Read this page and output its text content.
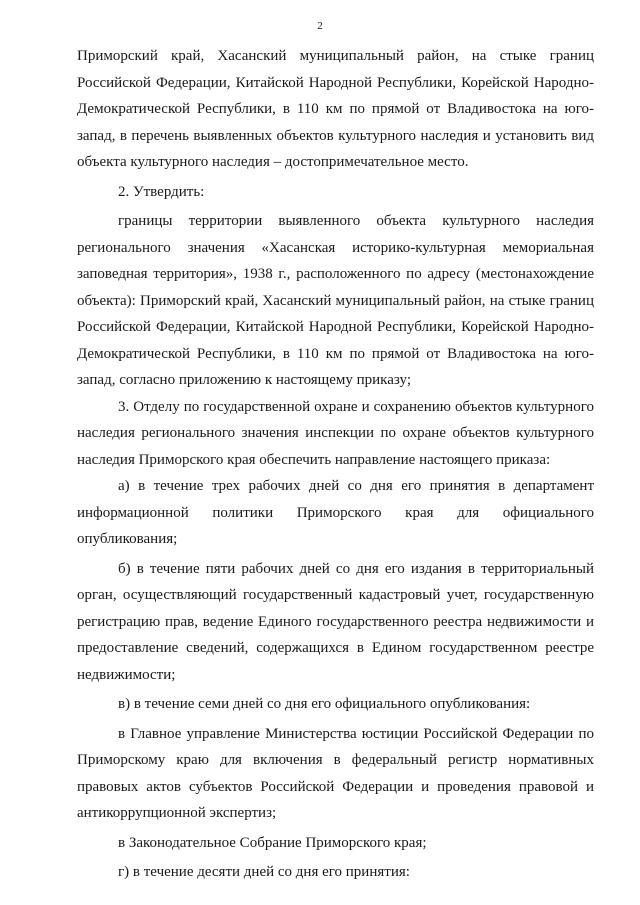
2

Приморский край, Хасанский муниципальный район, на стыке границ Российской Федерации, Китайской Народной Республики, Корейской Народно-Демократической Республики, в 110 км по прямой от Владивостока на юго-запад, в перечень выявленных объектов культурного наследия и установить вид объекта культурного наследия – достопримечательное место.

2. Утвердить:

границы территории выявленного объекта культурного наследия регионального значения «Хасанская историко-культурная мемориальная заповедная территория», 1938 г., расположенного по адресу (местонахождение объекта): Приморский край, Хасанский муниципальный район, на стыке границ Российской Федерации, Китайской Народной Республики, Корейской Народно-Демократической Республики, в 110 км по прямой от Владивостока на юго-запад, согласно приложению к настоящему приказу;

3. Отделу по государственной охране и сохранению объектов культурного наследия регионального значения инспекции по охране объектов культурного наследия Приморского края обеспечить направление настоящего приказа:

а) в течение трех рабочих дней со дня его принятия в департамент информационной политики Приморского края для официального опубликования;

б) в течение пяти рабочих дней со дня его издания в территориальный орган, осуществляющий государственный кадастровый учет, государственную регистрацию прав, ведение Единого государственного реестра недвижимости и предоставление сведений, содержащихся в Едином государственном реестре недвижимости;

в) в течение семи дней со дня его официального опубликования:

в Главное управление Министерства юстиции Российской Федерации по Приморскому краю для включения в федеральный регистр нормативных правовых актов субъектов Российской Федерации и проведения правовой и антикоррупционной экспертиз;

в Законодательное Собрание Приморского края;

г) в течение десяти дней со дня его принятия:
